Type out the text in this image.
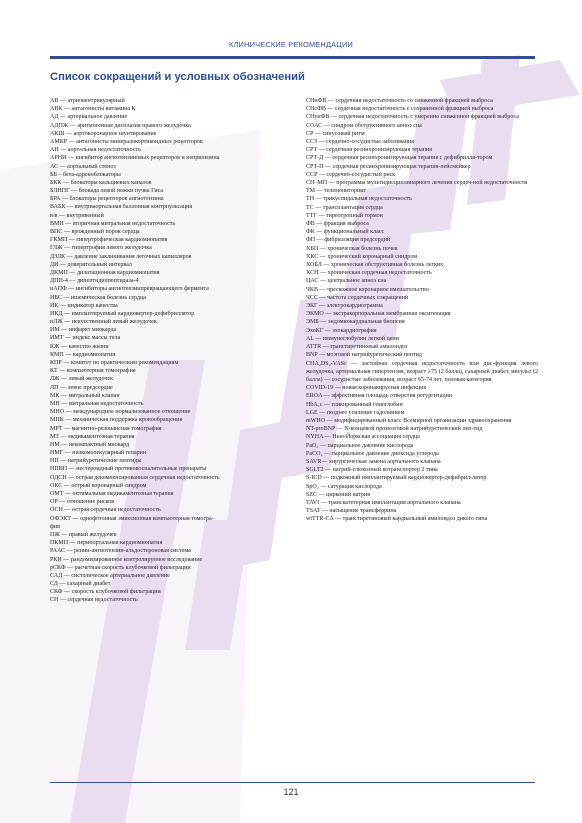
КЛИНИЧЕСКИЕ РЕКОМЕНДАЦИИ
Список сокращений и условных обозначений
АВ — атриовентрикулярный
АВК — антагонисты витамина К
АД — артериальное давление
АДПЖ — аритмогенная дисплазия правого желудочка
АКШ — аортокоронарное шунтирование
АМКР — антагонисты минералокортикоидных рецепторов
АН — аортальная недостаточность
АРНИ — ингибитор ангиотензиновых рецепторов и неприлизина
АС — аортальный стеноз
ББ – бета-адреноблокаторы
БКК — блокаторы кальциевых каналов
БЛНПГ — блокада левой ножки пучка Гиса
БРА — блокаторы рецепторов ангиотензина
ВАБК — внутриаортальная баллонная контрпульсация
в/в — внутривенный
ВМН — вторичная митральная недостаточность
ВПС — врожденный порок сердца
ГКМП — гипертрофическая кардиомиопатия
ГЛЖ — гипертрофия левого желудочка
ДЗЛК — давление заклинивания легочных капилляров
ДИ — доверительный интервал
ДКМП — дилатационная кардиомиопатия
ДПП-4 — дипептидилпептидаза-4
иАПФ — ингибиторы ангиотензинпревращающего фермента
ИБС — ишемическая болезнь сердца
ИК — индикатор качества
ИКД — имплантируемый кардиовертер-дефибриллятор
иЛЖ — искусственный левый желудочек
ИМ — инфаркт миокарда
ИМТ — индекс массы тела
КЖ — качество жизни
КМП — кардиомиопатия
КПР — комитет по практическим рекомендациям
КТ — компьютерная томография
ЛЖ — левый желудочек
ЛП — левое предсердие
МК — митральный клапан
МН — митральная недостаточность
МНО — международное нормализованное отношение
МПК — механическая поддержка кровообращения
МРТ — магнитно-резонансная томография
МТ — медикаментозная терапия
НМ — некомпактный миокард
НМГ — низкомолекулярный гепарин
НП — натрийуретические пептиды
НПВП — нестероидный противовоспалительные препараты
ОДСН — острая декомпенсированная сердечная недостаточность
ОКС — острый коронарный синдром
ОМТ — оптимальная медикаментозная терапия
ОР — отношение рисков
ОСН — острая сердечная недостаточность
ОФЭКТ — однофотонная эмиссионная компьютерная томогра-
фия
ПЖ — правый желудочек
ПКМП — перипортальная кардиомиопатия
РААС — ренин-ангиотензин-альдостероновая система
РКИ — рандомизированное контролируемое исследование
рСКФ — расчетная скорость клубочковой фильтрации
САД — систолическое артериальное давление
СД — сахарный диабет
СКФ — скорость клубочковой фильтрации
СН — сердечная недостаточность
СНнФВ — сердечная недостаточность со сниженной фракцией выброса
СНсФВ — сердечная недостаточность с сохраненной фракцией выброса
СНунФВ — сердечная недостаточность с умеренно сниженной фракцией выброса
СОАС — синдром обструктивного апноэ сна
СР — синусовый ритм
ССЗ — сердечно-сосудистые заболевания
СРТ — сердечная ресинхронизирующая терапия
СРТ-Д — сердечная ресинхронизирующая терапия с дефибрилля-тором
СРТ-П — сердечная ресинхронизирующая терапия-пейсмейкер
ССР — сердечно-сосудистый риск
СН–МП — программы мультидисциплинарного лечения сердеч-ной недостаточности
ТМ — телемониторинг
ТН — трикуспидальная недостаточность
ТС — трансплантация сердца
ТТГ — тиреотропный гормон
ФВ — фракция выброса
ФК — функциональный класс
ФП — фибрилляция предсердий
ХБП — хроническая болезнь почек
ХКС — хронический коронарный синдром
ХОБЛ — хроническая обструктивная болезнь легких
ХСН — хроническая сердечная недостаточность
ЦАС — центральное апноэ сна
ЧКВ — чрескожное коронарное вмешательство
ЧСС — частота сердечных сокращений
ЭКГ — электрокардиограмма
ЭКМО — экстракорпоральная мембранная оксигенация
ЭМБ — эндомиокардиальная биопсия
ЭхоКГ — эхокардиография
AL — иммуноглобулин легкой цепи
ATTR — транстиретиновый амилоидоз
BNP — мозговой натрийуретический пептид
CHA₂DS₂-VASc — застойная сердечная недостаточность или дис-функция левого желудочка, артериальная гипертензия, возраст ≥75 (2 балла), сахарный диабет, инсульт (2 балла) — сосудистые заболевания, возраст 65-74 лет, половая категория
COVID-19 — новая коронавирусная инфекция
EROA — эффективная площадь отверстия регургитации
HbA₁c — гликированный гемоглобин
LGE — позднее усиление гадолинием
mWHO — модифицированный класс Всемирной организации здравоохранения
NT-proBNP — N-концевой промозговой натрийуретический пеп-тид
NYHA — Нью-Йоркская ассоциация сердца
PaO₂ — парциальное давление кислорода
PaCO₂ — парциальное давление диоксида углерода
SAVR— хирургическая замена аортального клапана
SGLT2 — натрий-глюкозный котранспортер 2 типа
S-ICD — подкожный имплантируемый кардиовертер-дефибрил-лятор
SpO₂ — сатурация кислорода
SZC — цирконий натрия
TAVI — транскатетерная имплантация аортального клапана
TSAT — насыщение трансферрина
wtTTR-CA — транстиретиновый кардиальный амилоидоз дикого типа
121
